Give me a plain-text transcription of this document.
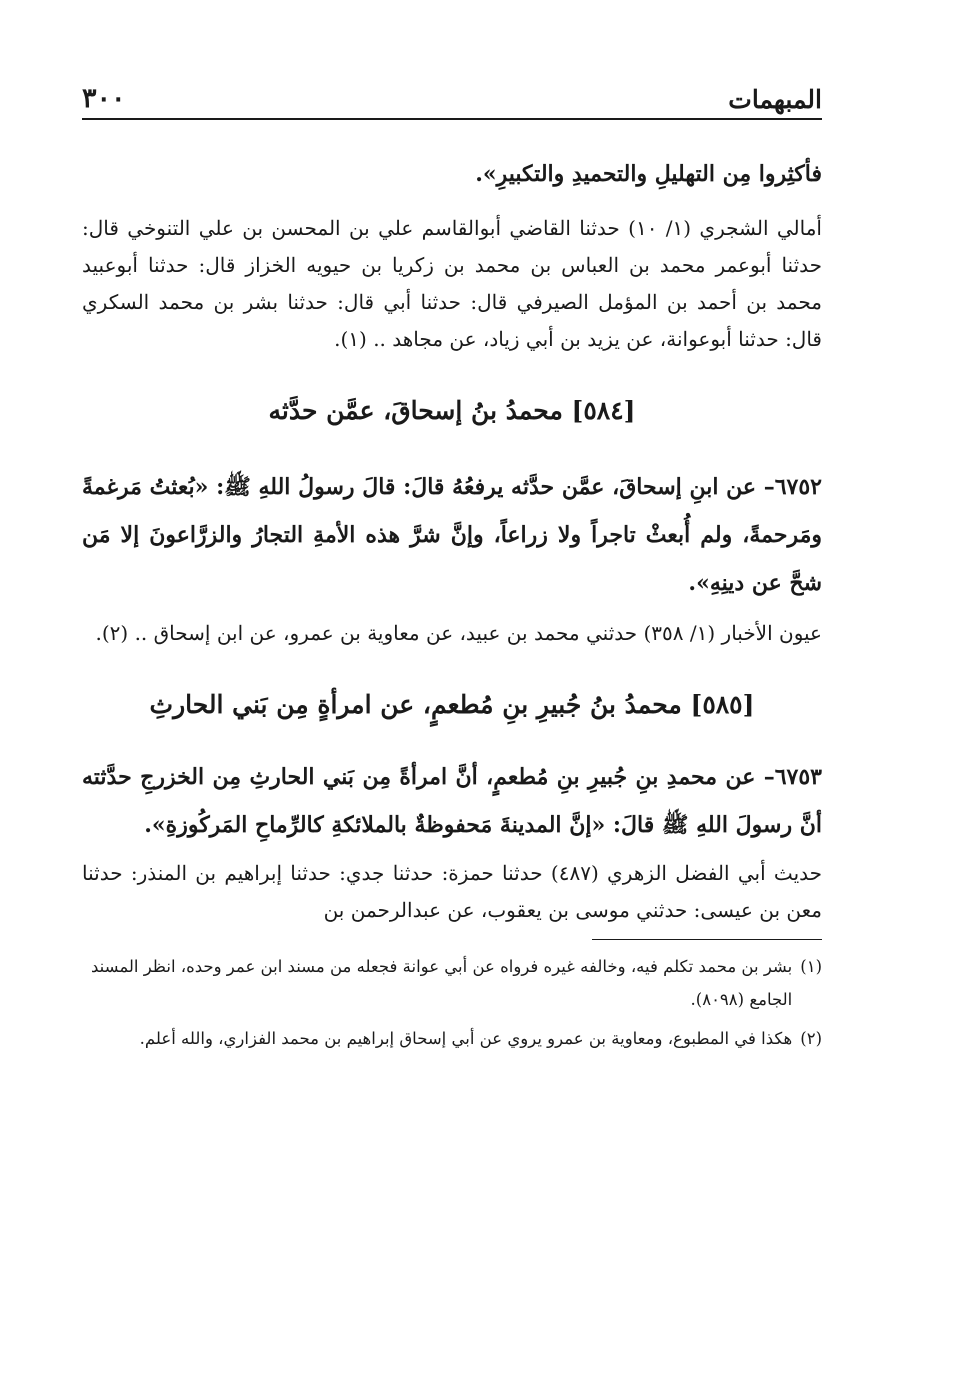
المبهمات
٣٠٠

فأكثِروا مِن التهليلِ والتحميدِ والتكبيرِ».

أمالي الشجري (١/ ١٠) حدثنا القاضي أبوالقاسم علي بن المحسن بن علي التنوخي قال: حدثنا أبوعمر محمد بن العباس بن محمد بن زكريا بن حيويه الخزاز قال: حدثنا أبوعبيد محمد بن أحمد بن المؤمل الصيرفي قال: حدثنا أبي قال: حدثنا بشر بن محمد السكري قال: حدثنا أبوعوانة، عن يزيد بن أبي زياد، عن مجاهد .. (١).

[٥٨٤] محمدُ بنُ إسحاقَ، عمَّن حدَّثه

٦٧٥٢– عن ابنِ إسحاقَ، عمَّن حدَّثه يرفعُهُ قالَ: قالَ رسولُ اللهِ ﷺ: «بُعثتُ مَرغمةً ومَرحمةً، ولم أُبعثْ تاجراً ولا زراعاً، وإنَّ شرَّ هذه الأمةِ التجارُ والزرَّاعونَ إلا مَن شحَّ عن دينِهِ».

عيون الأخبار (١/ ٣٥٨) حدثني محمد بن عبيد، عن معاوية بن عمرو، عن ابن إسحاق .. (٢).

[٥٨٥] محمدُ بنُ جُبيرِ بنِ مُطعمٍ، عن امرأةٍ مِن بَني الحارثِ

٦٧٥٣– عن محمدِ بنِ جُبيرِ بنِ مُطعمٍ، أنَّ امرأةً مِن بَني الحارثِ مِن الخزرجِ حدَّثته أنَّ رسولَ اللهِ ﷺ قالَ: «إنَّ المدينةَ مَحفوظةٌ بالملائكةِ كالرِّماحِ المَركُوزةِ».

حديث أبي الفضل الزهري (٤٨٧) حدثنا حمزة: حدثنا جدي: حدثنا إبراهيم بن المنذر: حدثنا معن بن عيسى: حدثني موسى بن يعقوب، عن عبدالرحمن بن

(١)
بشر بن محمد تكلم فيه، وخالفه غيره فرواه عن أبي عوانة فجعله من مسند ابن عمر وحده، انظر المسند الجامع (٨٠٩٨).
(٢)
هكذا في المطبوع، ومعاوية بن عمرو يروي عن أبي إسحاق إبراهيم بن محمد الفزاري، والله أعلم.
